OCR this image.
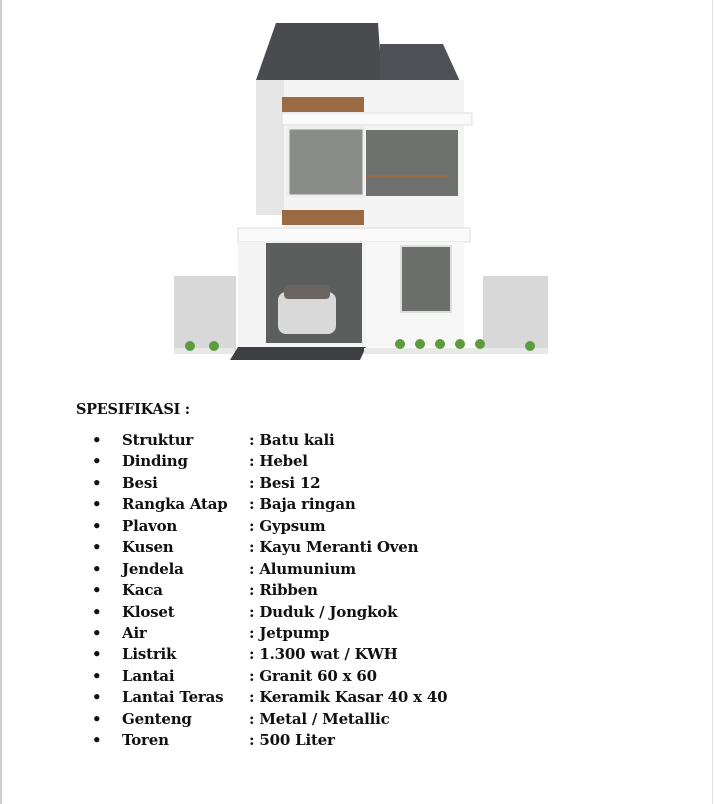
SPESIFIKASI :
• Struktur	: Batu kali
• Dinding	: Hebel
• Besi	: Besi 12
• Rangka Atap : Baja ringan
• Plavon	: Gypsum
• Kusen	: Kayu Meranti Oven
• Jendela	: Alumunium
• Kaca	: Ribben
• Kloset	: Duduk / Jongkok
• Air	: Jetpump
• Listrik	: 1.300 wat / KWH
• Lantai	: Granit 60 x 60
• Lantai Teras : Keramik Kasar 40 x 40
• Genteng	: Metal / Metallic
• Toren	: 500 Liter
